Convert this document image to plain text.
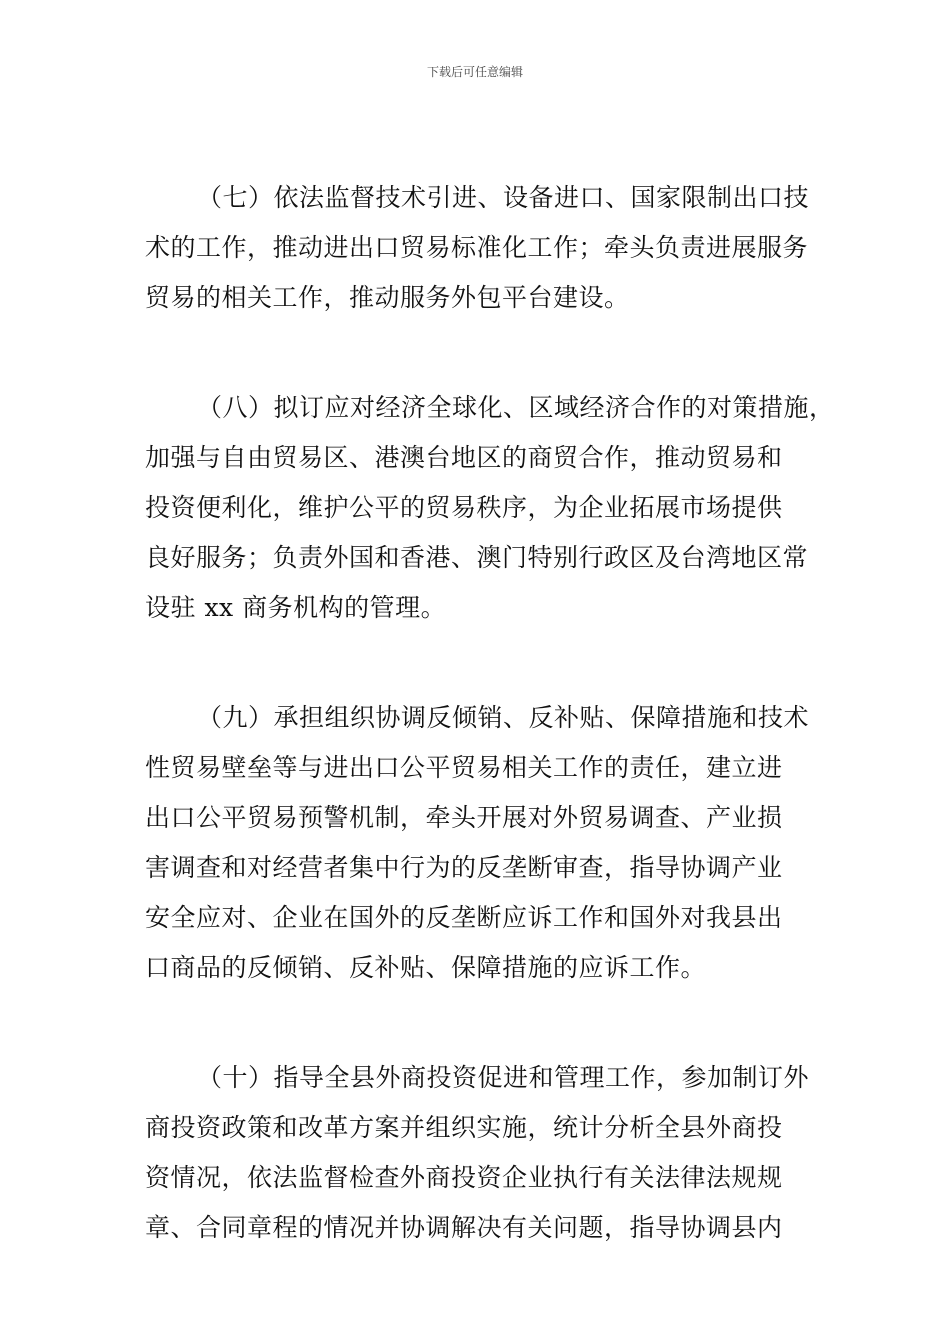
下载后可任意编辑

（七）依法监督技术引进、设备进口、国家限制出口技
术的工作，推动进出口贸易标准化工作；牵头负责进展服务
贸易的相关工作，推动服务外包平台建设。

（八）拟订应对经济全球化、区域经济合作的对策措施，
加强与自由贸易区、港澳台地区的商贸合作，推动贸易和
投资便利化，维护公平的贸易秩序，为企业拓展市场提供
良好服务；负责外国和香港、澳门特别行政区及台湾地区常
设驻 xx 商务机构的管理。

（九）承担组织协调反倾销、反补贴、保障措施和技术
性贸易壁垒等与进出口公平贸易相关工作的责任，建立进
出口公平贸易预警机制，牵头开展对外贸易调查、产业损
害调查和对经营者集中行为的反垄断审查，指导协调产业
安全应对、企业在国外的反垄断应诉工作和国外对我县出
口商品的反倾销、反补贴、保障措施的应诉工作。

（十）指导全县外商投资促进和管理工作，参加制订外
商投资政策和改革方案并组织实施，统计分析全县外商投
资情况，依法监督检查外商投资企业执行有关法律法规规
章、合同章程的情况并协调解决有关问题，指导协调县内
